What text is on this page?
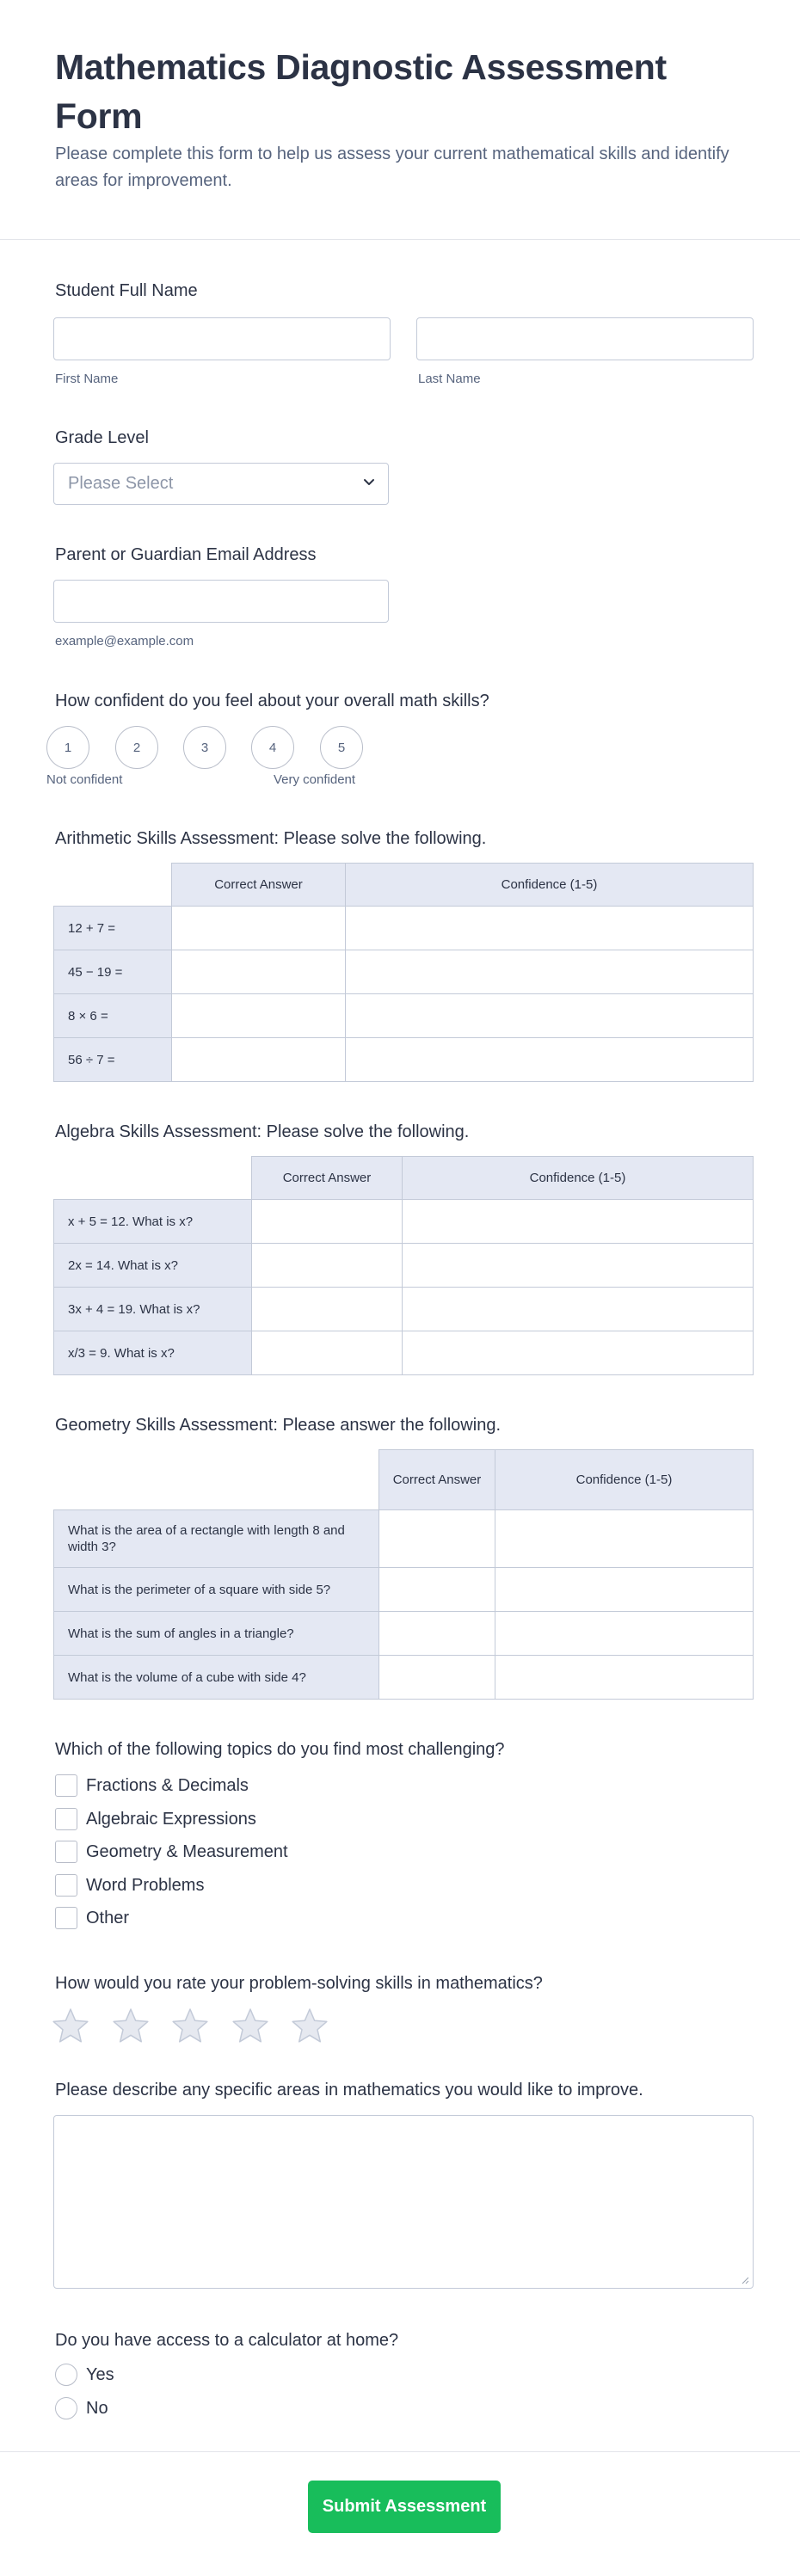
Mathematics Diagnostic Assessment Form
Please complete this form to help us assess your current mathematical skills and identify areas for improvement.
Student Full Name
First Name	Last Name
Grade Level
Please Select
Parent or Guardian Email Address
example@example.com
How confident do you feel about your overall math skills?
1	2	3	4	5
Not confident	Very confident
Arithmetic Skills Assessment: Please solve the following.
	Correct Answer	Confidence (1-5)
12 + 7 =		
45 − 19 =		
8 × 6 =		
56 ÷ 7 =		
Algebra Skills Assessment: Please solve the following.
	Correct Answer	Confidence (1-5)
x + 5 = 12. What is x?		
2x = 14. What is x?		
3x + 4 = 19. What is x?		
x/3 = 9. What is x?		
Geometry Skills Assessment: Please answer the following.
	Correct Answer	Confidence (1-5)
What is the area of a rectangle with length 8 and width 3?		
What is the perimeter of a square with side 5?		
What is the sum of angles in a triangle?		
What is the volume of a cube with side 4?		
Which of the following topics do you find most challenging?
Fractions & Decimals
Algebraic Expressions
Geometry & Measurement
Word Problems
Other
How would you rate your problem-solving skills in mathematics?
Please describe any specific areas in mathematics you would like to improve.
Do you have access to a calculator at home?
Yes
No
Submit Assessment
